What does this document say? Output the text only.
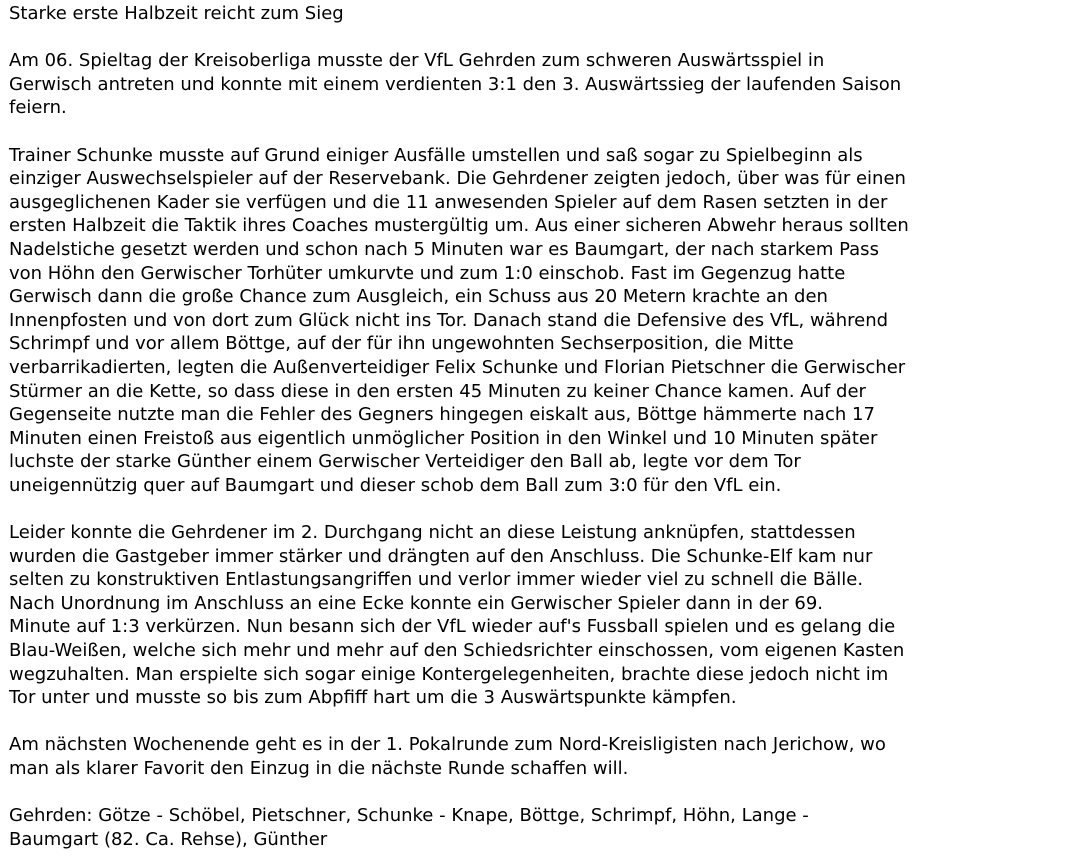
Starke erste Halbzeit reicht zum Sieg

Am 06. Spieltag der Kreisoberliga musste der VfL Gehrden zum schweren Auswärtsspiel in
Gerwisch antreten und konnte mit einem verdienten 3:1 den 3. Auswärtssieg der laufenden Saison
feiern.

Trainer Schunke musste auf Grund einiger Ausfälle umstellen und saß sogar zu Spielbeginn als
einziger Auswechselspieler auf der Reservebank. Die Gehrdener zeigten jedoch, über was für einen
ausgeglichenen Kader sie verfügen und die 11 anwesenden Spieler auf dem Rasen setzten in der
ersten Halbzeit die Taktik ihres Coaches mustergültig um. Aus einer sicheren Abwehr heraus sollten
Nadelstiche gesetzt werden und schon nach 5 Minuten war es Baumgart, der nach starkem Pass
von Höhn den Gerwischer Torhüter umkurvte und zum 1:0 einschob. Fast im Gegenzug hatte
Gerwisch dann die große Chance zum Ausgleich, ein Schuss aus 20 Metern krachte an den
Innenpfosten und von dort zum Glück nicht ins Tor. Danach stand die Defensive des VfL, während
Schrimpf und vor allem Böttge, auf der für ihn ungewohnten Sechserposition, die Mitte
verbarrikadierten, legten die Außenverteidiger Felix Schunke und Florian Pietschner die Gerwischer
Stürmer an die Kette, so dass diese in den ersten 45 Minuten zu keiner Chance kamen. Auf der
Gegenseite nutzte man die Fehler des Gegners hingegen eiskalt aus, Böttge hämmerte nach 17
Minuten einen Freistoß aus eigentlich unmöglicher Position in den Winkel und 10 Minuten später
luchste der starke Günther einem Gerwischer Verteidiger den Ball ab, legte vor dem Tor
uneigennützig quer auf Baumgart und dieser schob dem Ball zum 3:0 für den VfL ein.

Leider konnte die Gehrdener im 2. Durchgang nicht an diese Leistung anknüpfen, stattdessen
wurden die Gastgeber immer stärker und drängten auf den Anschluss. Die Schunke-Elf kam nur
selten zu konstruktiven Entlastungsangriffen und verlor immer wieder viel zu schnell die Bälle.
Nach Unordnung im Anschluss an eine Ecke konnte ein Gerwischer Spieler dann in der 69.
Minute auf 1:3 verkürzen. Nun besann sich der VfL wieder auf's Fussball spielen und es gelang die
Blau-Weißen, welche sich mehr und mehr auf den Schiedsrichter einschossen, vom eigenen Kasten
wegzuhalten. Man erspielte sich sogar einige Kontergelegenheiten, brachte diese jedoch nicht im
Tor unter und musste so bis zum Abpfiff hart um die 3 Auswärtspunkte kämpfen.

Am nächsten Wochenende geht es in der 1. Pokalrunde zum Nord-Kreisligisten nach Jerichow, wo
man als klarer Favorit den Einzug in die nächste Runde schaffen will.

Gehrden: Götze - Schöbel, Pietschner, Schunke - Knape, Böttge, Schrimpf, Höhn, Lange -
Baumgart (82. Ca. Rehse), Günther
